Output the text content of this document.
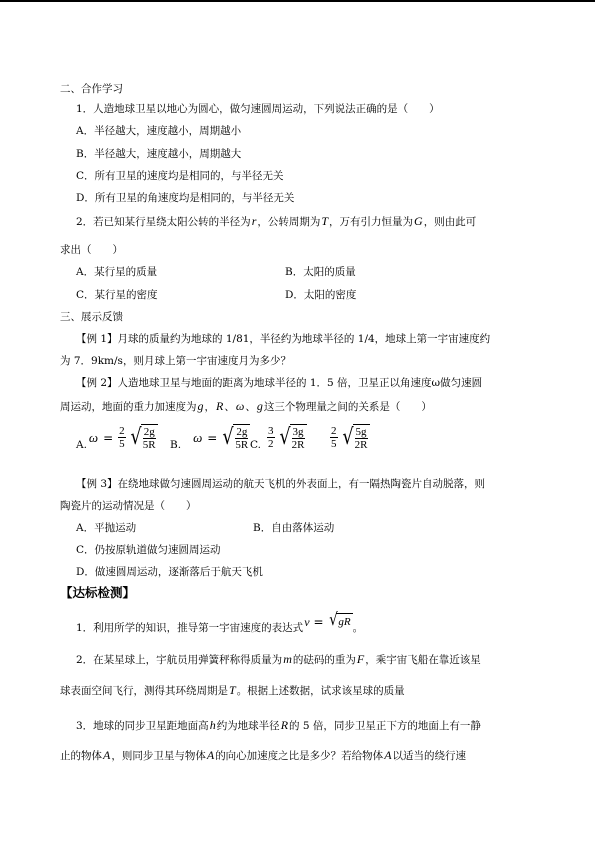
二、合作学习
1．人造地球卫星以地心为圆心，做匀速圆周运动，下列说法正确的是（　　）
A．半径越大，速度越小，周期越小
B．半径越大，速度越小，周期越大
C．所有卫星的速度均是相同的，与半径无关
D．所有卫星的角速度均是相同的，与半径无关
2．若已知某行星绕太阳公转的半径为r，公转周期为T，万有引力恒量为G，则由此可
求出（　　）
A．某行星的质量	B．太阳的质量
C．某行星的密度	D．太阳的密度
三、展示反馈
【例 1】月球的质量约为地球的 1/81，半径约为地球半径的 1/4，地球上第一宇宙速度约
为 7．9km/s，则月球上第一宇宙速度月为多少？
【例 2】人造地球卫星与地面的距离为地球半径的 1．5 倍，卫星正以角速度ω做匀速圆
周运动，地面的重力加速度为g，R、ω、g这三个物理量之间的关系是（　　）
A.
$\omega = \frac{2}{5}$ √ $\frac{2g}{5R} B$.
ω = √ $\frac{2g}{5R} C$. $\frac{3}{2}$ √ $\frac{3g}{2R} \frac{2}{5}$ √ $\frac{5g}{2R}$
【例 3】在绕地球做匀速圆周运动的航天飞机的外表面上，有一隔热陶瓷片自动脱落，则
陶瓷片的运动情况是（　　）
A．平抛运动	B．自由落体运动
C．仍按原轨道做匀速圆周运动
D．做速圆周运动，逐渐落后于航天飞机
【达标检测】
1．利用所学的知识，推导第一宇宙速度的表达式 v = √ gR
。
2．在某星球上，宇航员用弹簧秤称得质量为m的砝码的重为F，乘宇宙飞船在靠近该星
球表面空间飞行，测得其环绕周期是T。根据上述数据，试求该星球的质量
3．地球的同步卫星距地面高h约为地球半径R的 5 倍，同步卫星正下方的地面上有一静
止的物体A，则同步卫星与物体A的向心加速度之比是多少？若给物体A以适当的绕行速
